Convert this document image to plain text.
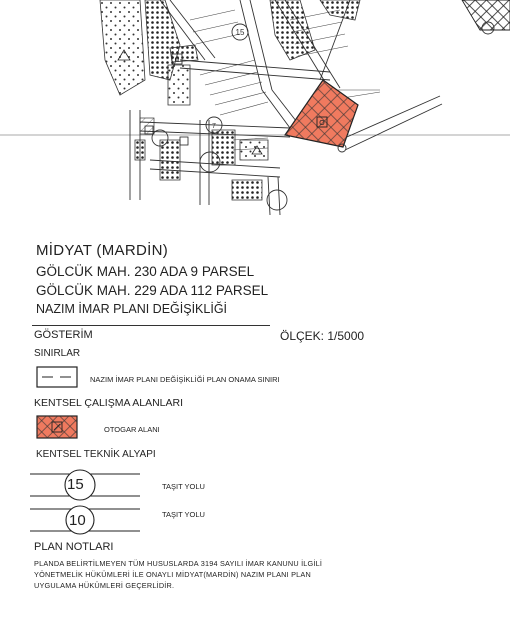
O
15
7
M
MİDYAT (MARDİN)
GÖLCÜK MAH. 230 ADA 9 PARSEL
GÖLCÜK MAH. 229 ADA 112 PARSEL
NAZIM İMAR PLANI DEĞİŞİKLİĞİ
GÖSTERİM	ÖLÇEK: 1/5000
SINIRLAR
NAZIM İMAR PLANI DEĞİŞİKLİĞİ PLAN ONAMA SINIRI
KENTSEL ÇALIŞMA ALANLARI
OTOGAR ALANI
KENTSEL TEKNİK ALYAPI
15	TAŞIT YOLU
10	TAŞIT YOLU
PLAN NOTLARI
PLANDA BELİRTİLMEYEN TÜM HUSUSLARDA 3194 SAYILI İMAR KANUNU İLGİLİ YÖNETMELİK HÜKÜMLERİ İLE ONAYLI MİDYAT(MARDİN) NAZIM PLANI PLAN UYGULAMA HÜKÜMLERİ GEÇERLİDİR.
